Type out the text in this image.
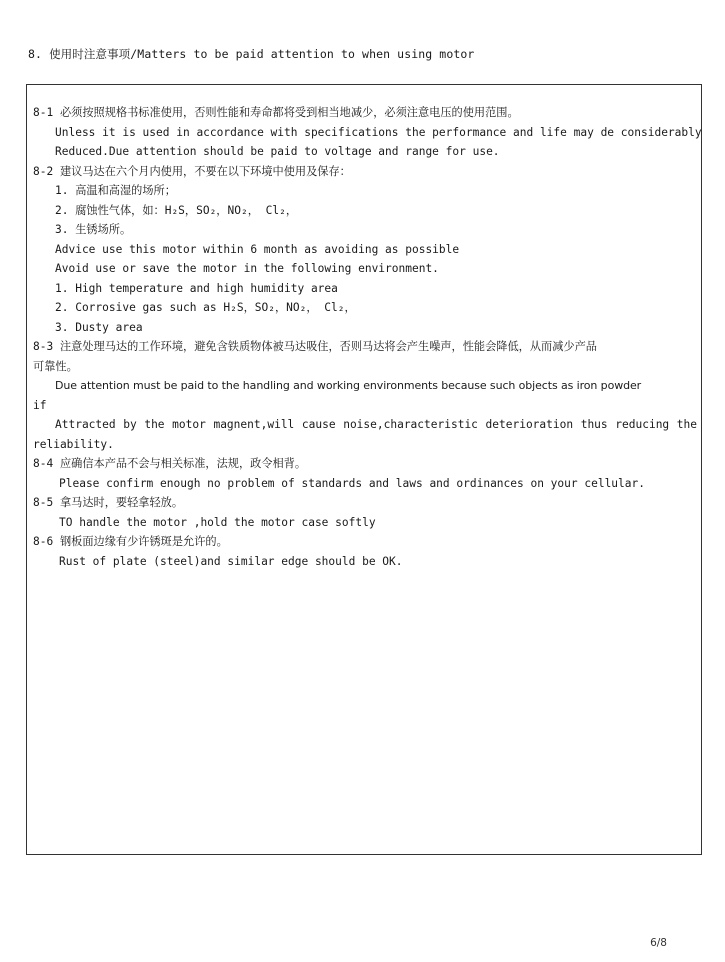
8. 使用时注意事项/Matters to be paid attention to when using motor
8-1 必须按照规格书标准使用，否则性能和寿命都将受到相当地减少，必须注意电压的使用范围。
Unless it is used in accordance with specifications the performance and life may de considerably
Reduced.Due attention should be paid to voltage and range for use.
8-2 建议马达在六个月内使用，不要在以下环境中使用及保存：
1. 高温和高湿的场所；
2. 腐蚀性气体，如：H₂S，SO₂，NO₂， Cl₂，
3. 生锈场所。
Advice use this motor within 6 month as avoiding as possible
Avoid use or save the motor in the following environment.
1. High temperature and high humidity area
2. Corrosive gas such as H₂S，SO₂，NO₂， Cl₂，
3. Dusty area
8-3 注意处理马达的工作环境，避免含铁质物体被马达吸住，否则马达将会产生噪声，性能会降低，从而减少产品
可靠性。
Due attention must be paid to the handling and working environments because such objects as iron powder
if
Attracted by the motor magnent,will cause noise,characteristic deterioration thus reducing the
reliability.
8-4 应确信本产品不会与相关标准，法规，政令相背。
Please confirm enough no problem of standards and laws and ordinances on your cellular.
8-5 拿马达时，要轻拿轻放。
TO handle the motor ,hold the motor case softly
8-6 钢板面边缘有少许锈斑是允许的。
Rust of plate (steel)and similar edge should be OK.
6/8
